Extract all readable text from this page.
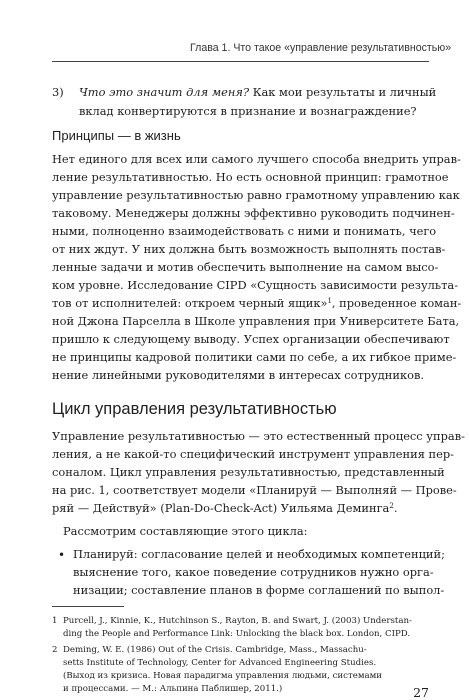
Глава 1. Что такое «управление результативностью»
3) Что это значит для меня? Как мои результаты и личный
вклад конвертируются в признание и вознаграждение?
Принципы — в жизнь
Нет единого для всех или самого лучшего способа внедрить управ-
ление результативностью. Но есть основной принцип: грамотное
управление результативностью равно грамотному управлению как
таковому. Менеджеры должны эффективно руководить подчинен-
ными, полноценно взаимодействовать с ними и понимать, чего
от них ждут. У них должна быть возможность выполнять постав-
ленные задачи и мотив обеспечить выполнение на самом высо-
ком уровне. Исследование CIPD «Сущность зависимости результа-
тов от исполнителей: откроем черный ящик»$^1$, проведенное коман-
ной Джона Парселла в Школе управления при Университете Бата,
пришло к следующему выводу. Успех организации обеспечивают
не принципы кадровой политики сами по себе, а их гибкое приме-
нение линейными руководителями в интересах сотрудников.
Цикл управления результативностью
Управление результативностью — это естественный процесс управ-
ления, а не какой-то специфический инструмент управления пер-
соналом. Цикл управления результативностью, представленный
на рис. 1, соответствует модели «Планируй — Выполняй — Прове-
ряй — Действуй» (Plan-Do-Check-Act) Уильяма Деминга$^2$.
Рассмотрим составляющие этого цикла:
• Планируй: согласование целей и необходимых компетенций;
выяснение того, какое поведение сотрудников нужно орга-
низации; составление планов в форме соглашений по выпол-
1 Purcell, J., Kinnie, K., Hutchinson S., Rayton, B. and Swart, J. (2003) Understan-
ding the People and Performance Link: Unlocking the black box. London, CIPD.
2 Deming, W. E. (1986) Out of the Crisis. Cambridge, Mass., Massachu-
setts Institute of Technology, Center for Advanced Engineering Studies.
(Выход из кризиса. Новая парадигма управления людьми, системами
и процессами. — М.: Альпина Паблишер, 2011.)	27
